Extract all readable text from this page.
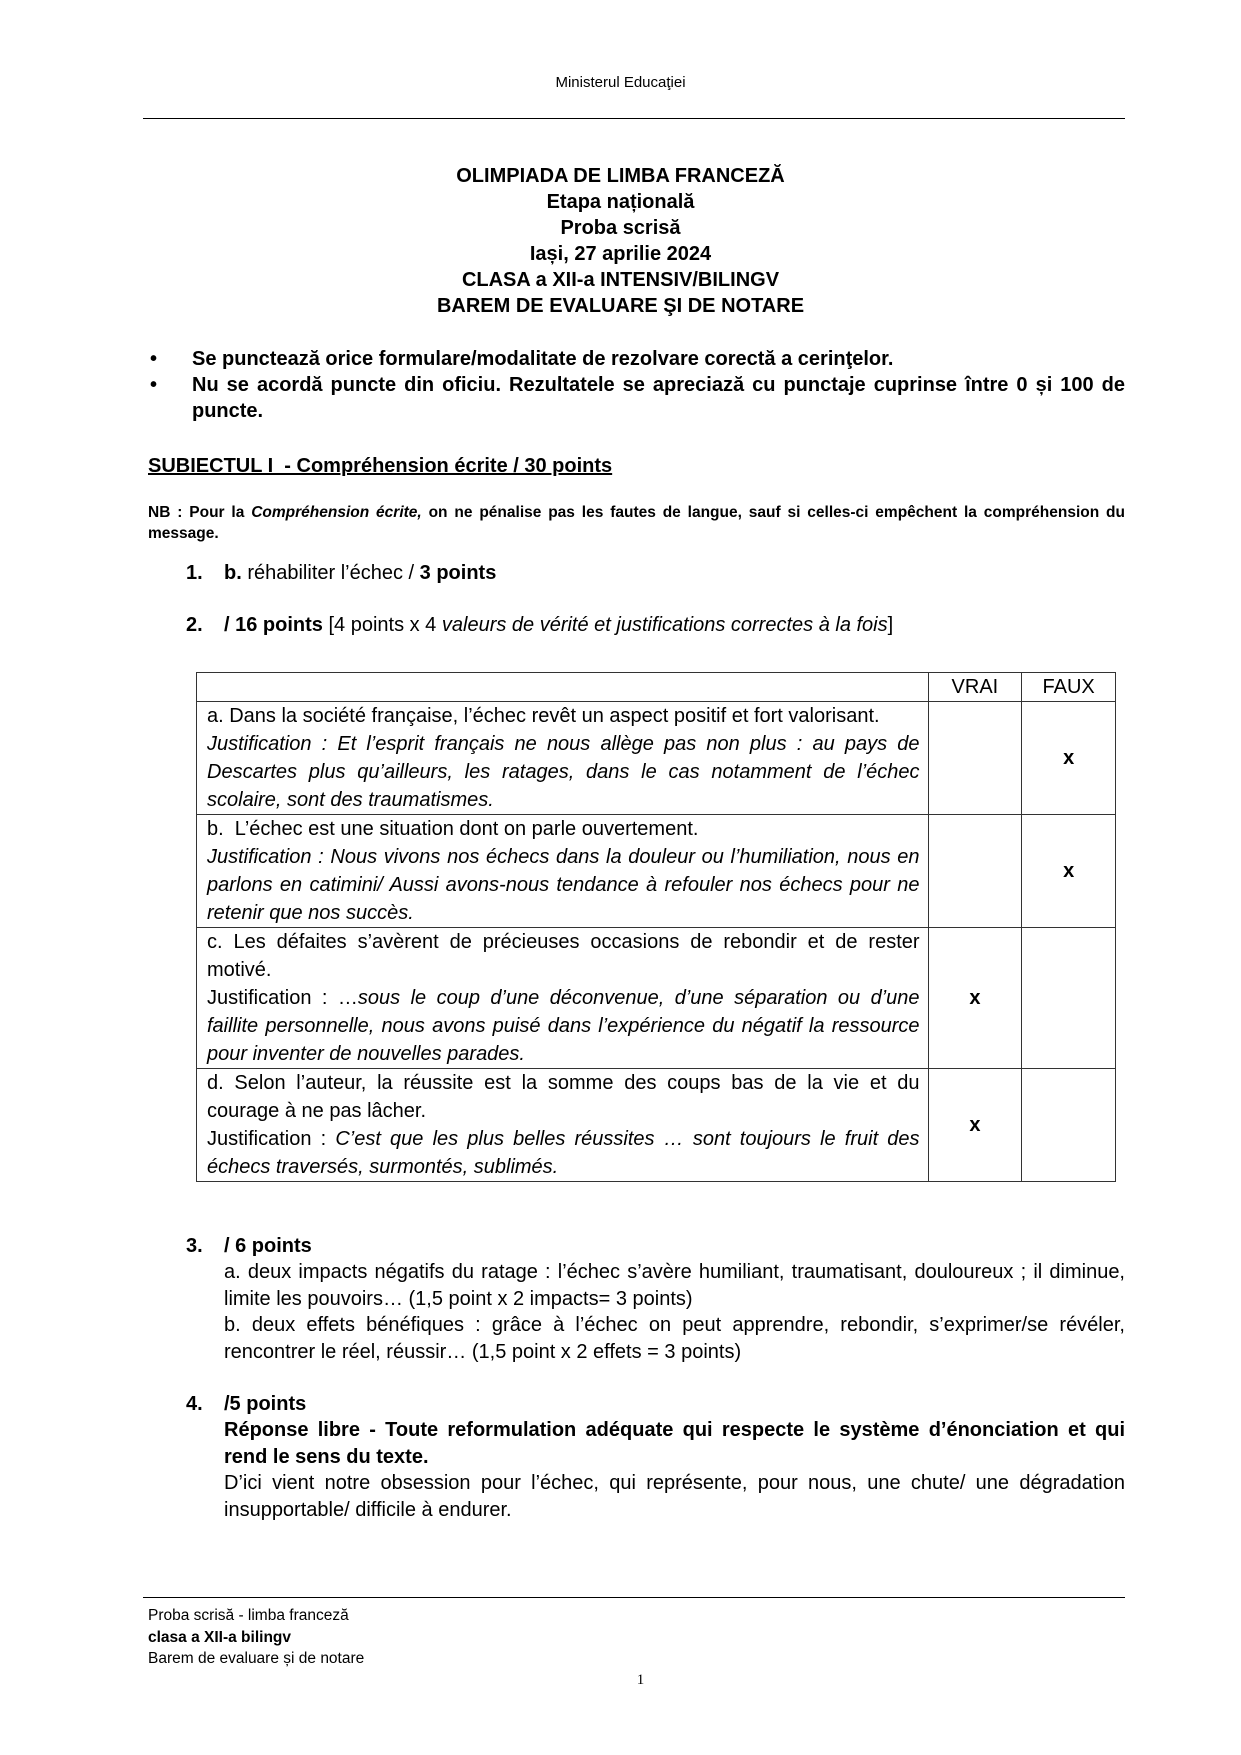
Ministerul Educaţiei
OLIMPIADA DE LIMBA FRANCEZĂ
Etapa națională
Proba scrisă
Iași, 27 aprilie 2024
CLASA a XII-a INTENSIV/BILINGV
BAREM DE EVALUARE ŞI DE NOTARE
•	Se punctează orice formulare/modalitate de rezolvare corectă a cerinţelor.
•	Nu se acordă puncte din oficiu. Rezultatele se apreciază cu punctaje cuprinse între 0 și 100 de puncte.
SUBIECTUL I  - Compréhension écrite / 30 points
NB : Pour la Compréhension écrite, on ne pénalise pas les fautes de langue, sauf si celles-ci empêchent la compréhension du message.
1. b. réhabiliter l’échec / 3 points
2. / 16 points [4 points x 4 valeurs de vérité et justifications correctes à la fois]
	VRAI	FAUX

a. Dans la société française, l’échec revêt un aspect positif et fort valorisant.
Justification : Et l’esprit français ne nous allège pas non plus : au pays de Descartes plus qu’ailleurs, les ratages, dans le cas notamment de l’échec scolaire, sont des traumatismes.		x

b.  L’échec est une situation dont on parle ouvertement.
Justification : Nous vivons nos échecs dans la douleur ou l’humiliation, nous en parlons en catimini/ Aussi avons-nous tendance à refouler nos échecs pour ne retenir que nos succès.		x

c. Les défaites s’avèrent de précieuses occasions de rebondir et de rester motivé.
Justification : …sous le coup d’une déconvenue, d’une séparation ou d’une faillite personnelle, nous avons puisé dans l’expérience du négatif la ressource pour inventer de nouvelles parades.	x	

d. Selon l’auteur, la réussite est la somme des coups bas de la vie et du courage à ne pas lâcher.
Justification : C’est que les plus belles réussites … sont toujours le fruit des échecs traversés, surmontés, sublimés.	x	
3. / 6 points
a. deux impacts négatifs du ratage : l’échec s’avère humiliant, traumatisant, douloureux ; il diminue, limite les pouvoirs… (1,5 point x 2 impacts= 3 points)
b. deux effets bénéfiques : grâce à l’échec on peut apprendre, rebondir, s’exprimer/se révéler, rencontrer le réel, réussir… (1,5 point x 2 effets = 3 points)
4. /5 points
Réponse libre - Toute reformulation adéquate qui respecte le système d’énonciation et qui rend le sens du texte.
D’ici vient notre obsession pour l’échec, qui représente, pour nous, une chute/ une dégradation insupportable/ difficile à endurer.
Proba scrisă - limba franceză
clasa a XII-a bilingv
Barem de evaluare și de notare
1
